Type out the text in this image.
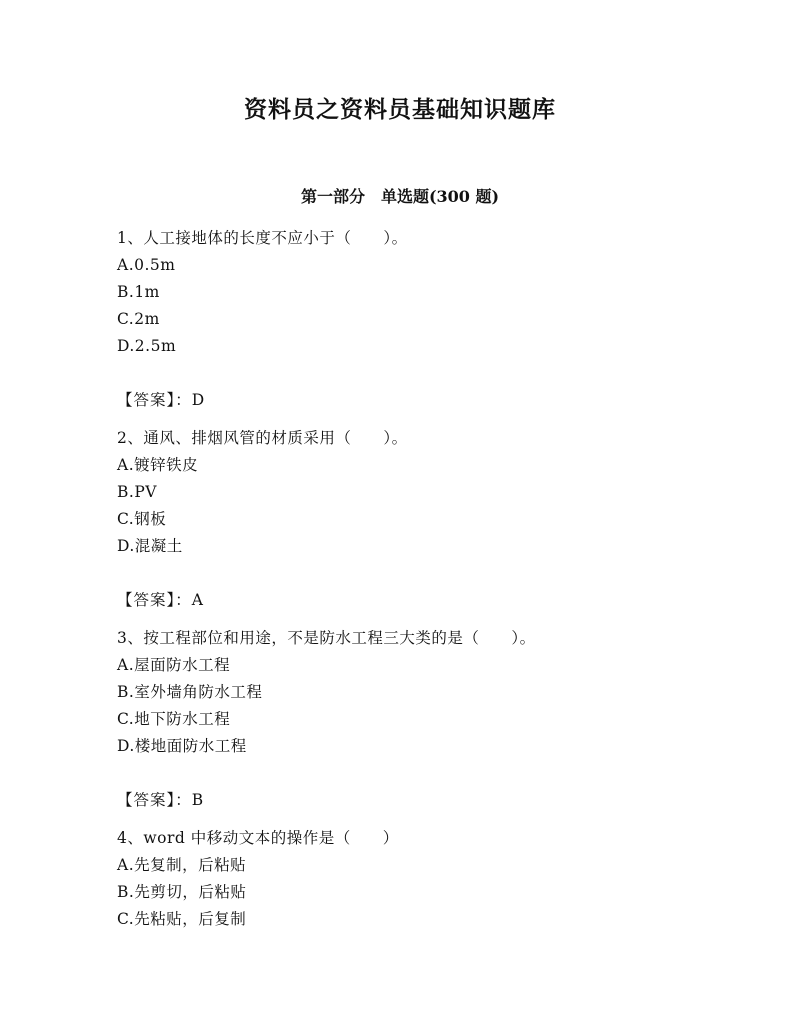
资料员之资料员基础知识题库
第一部分　单选题(300 题)
1、人工接地体的长度不应小于（　　）。
A.0.5m
B.1m
C.2m
D.2.5m
【答案】：D
2、通风、排烟风管的材质采用（　　）。
A.镀锌铁皮
B.PV
C.钢板
D.混凝土
【答案】：A
3、按工程部位和用途，不是防水工程三大类的是（　　）。
A.屋面防水工程
B.室外墙角防水工程
C.地下防水工程
D.楼地面防水工程
【答案】：B
4、word 中移动文本的操作是（　　）
A.先复制，后粘贴
B.先剪切，后粘贴
C.先粘贴，后复制
